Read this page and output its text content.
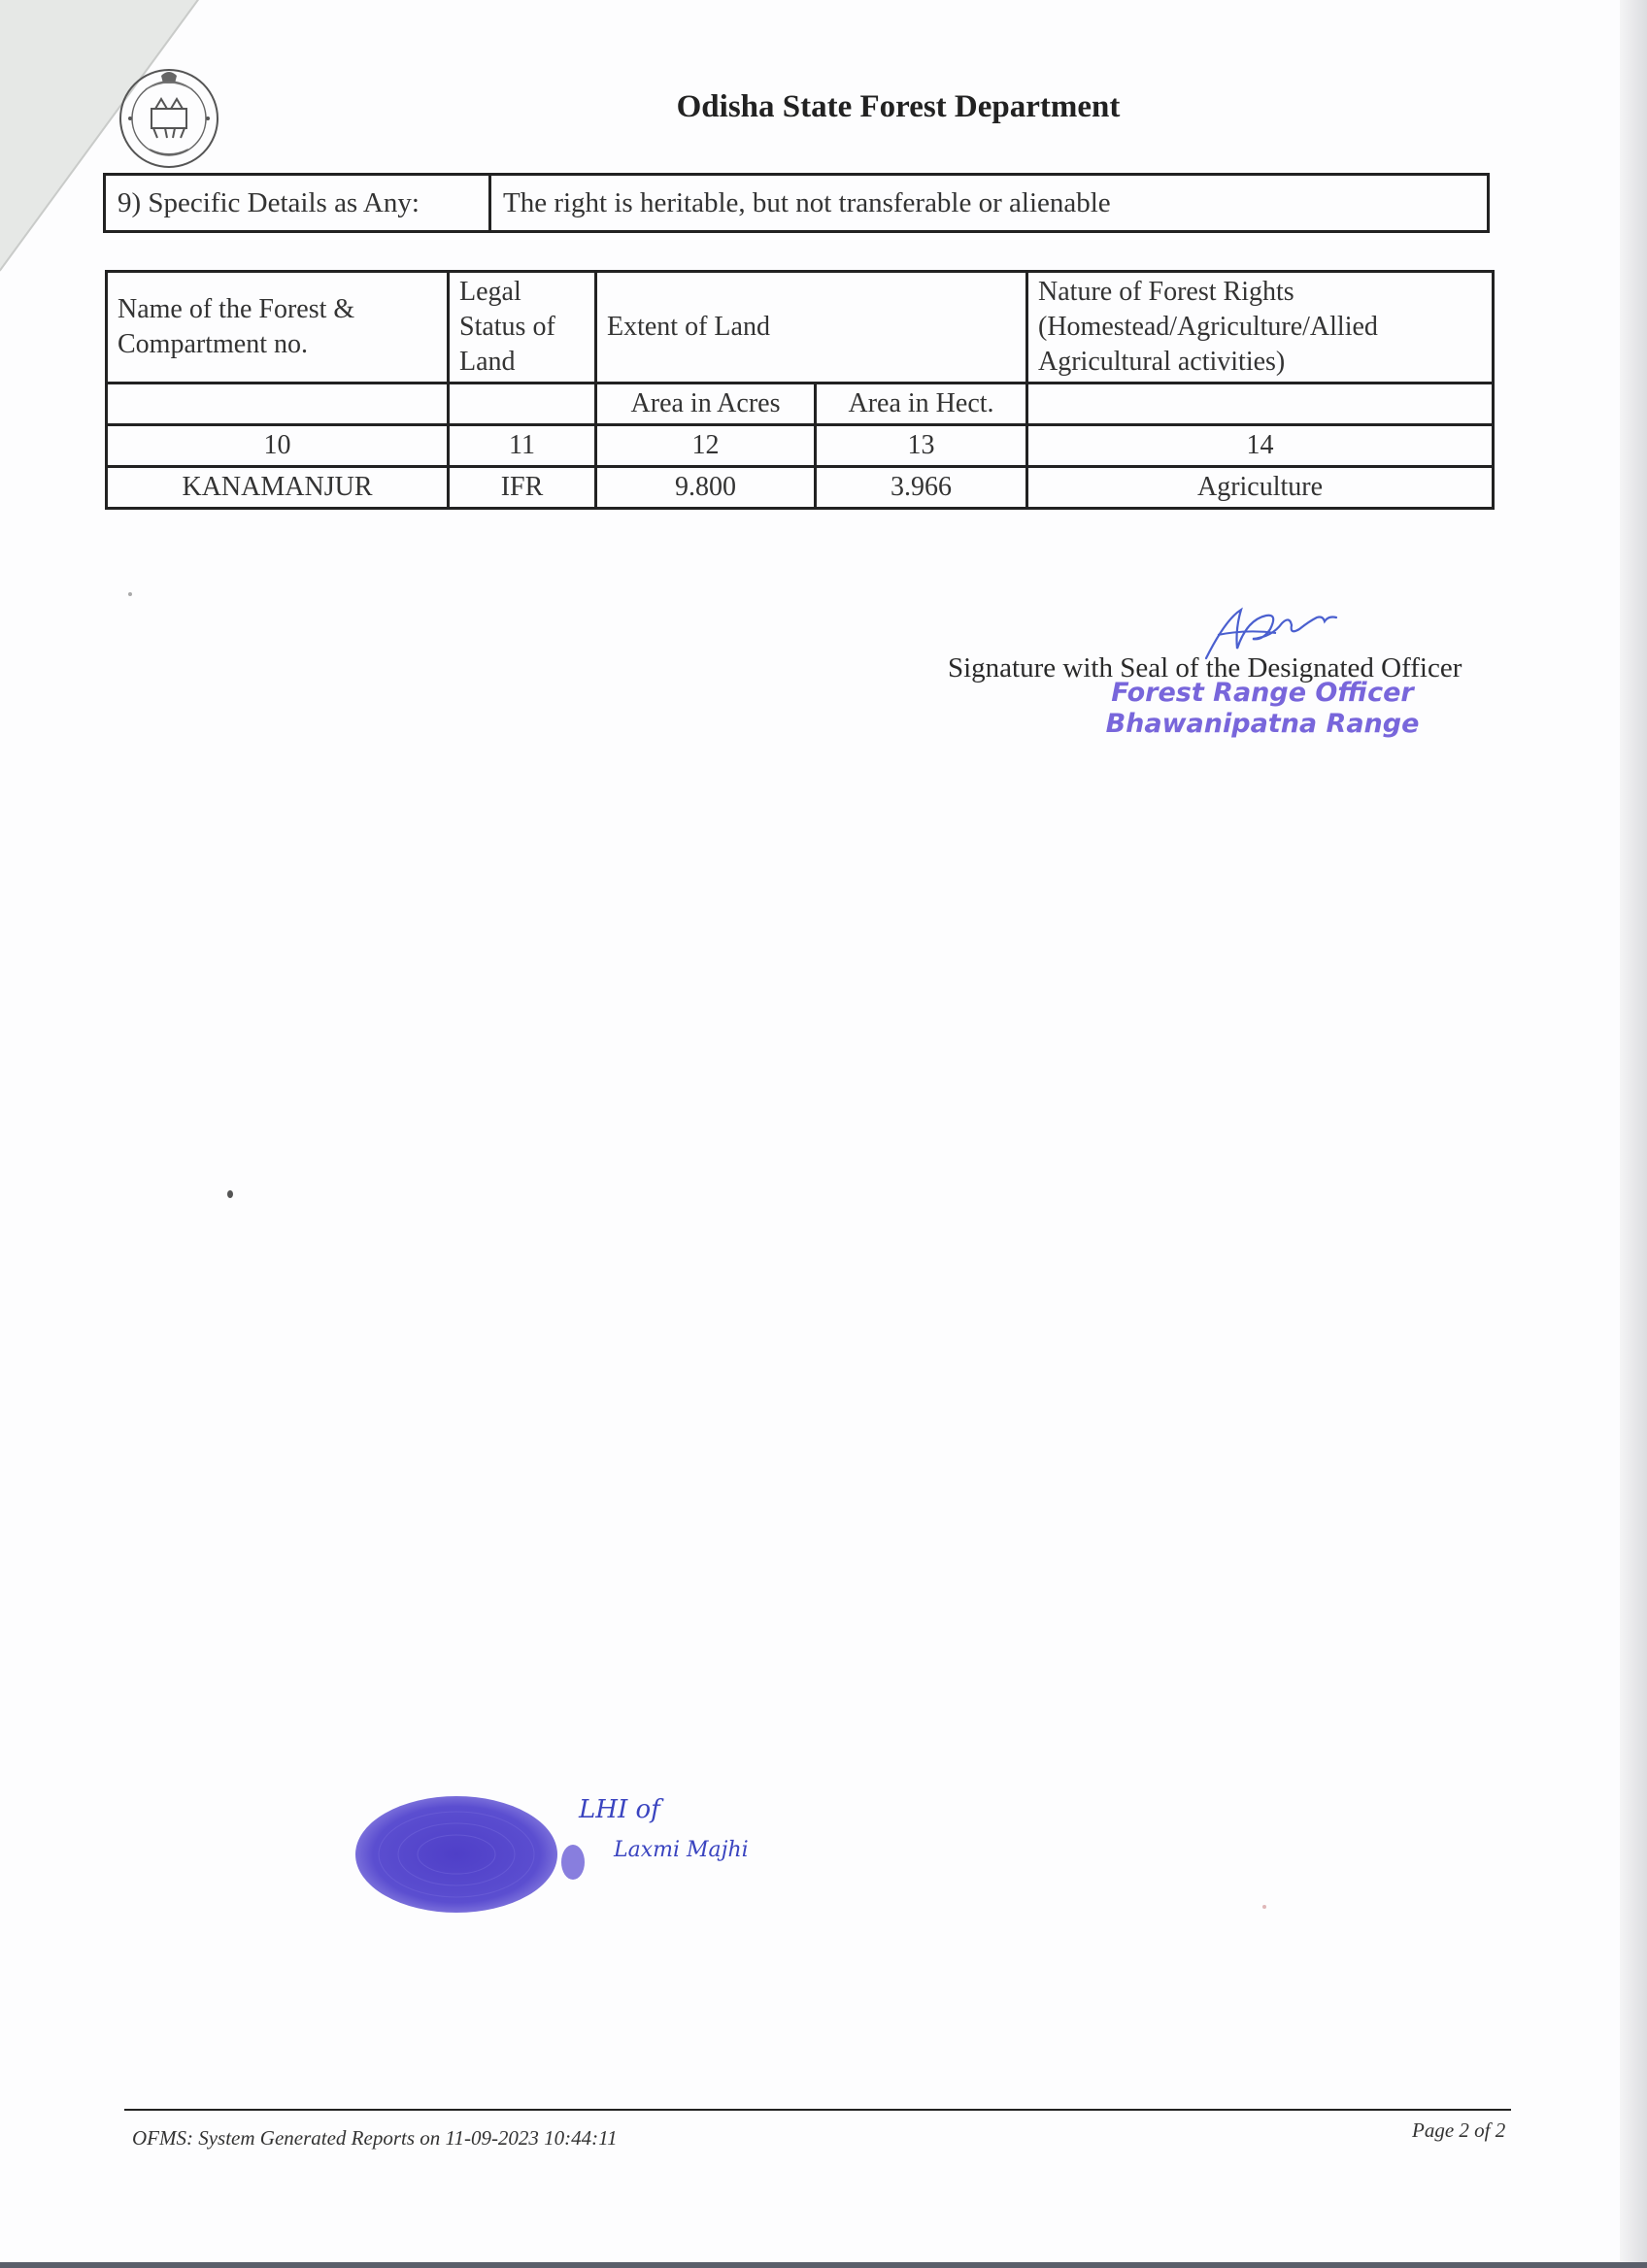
Odisha State Forest Department
9) Specific Details as Any:	The right is heritable, but not transferable or alienable
Name of the Forest & Compartment no.	Legal Status of Land	Extent of Land		Nature of Forest Rights (Homestead/Agriculture/Allied Agricultural activities)
		Area in Acres	Area in Hect.	
10	11	12	13	14
KANAMANJUR	IFR	9.800	3.966	Agriculture
Signature with Seal of the Designated Officer
Forest Range Officer
Bhawanipatna Range
LHI of
Laxmi Majhi
OFMS: System Generated Reports on 11-09-2023 10:44:11	Page 2 of 2
